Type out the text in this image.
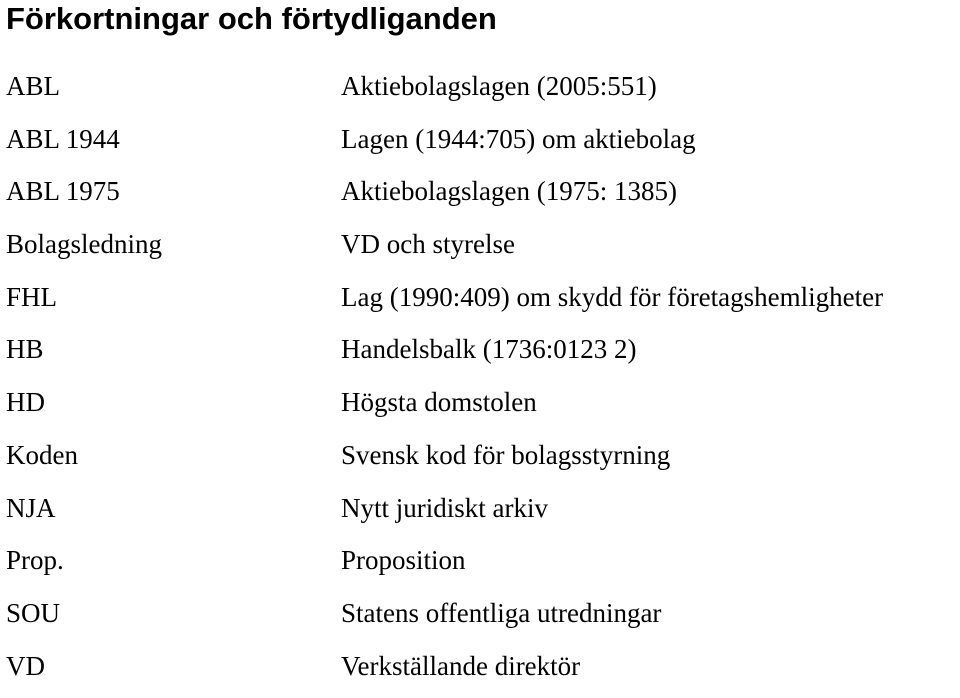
Förkortningar och förtydliganden
ABL	Aktiebolagslagen (2005:551)
ABL 1944	Lagen (1944:705) om aktiebolag
ABL 1975	Aktiebolagslagen (1975: 1385)
Bolagsledning	VD och styrelse
FHL	Lag (1990:409) om skydd för företagshemligheter
HB	Handelsbalk (1736:0123 2)
HD	Högsta domstolen
Koden	Svensk kod för bolagsstyrning
NJA	Nytt juridiskt arkiv
Prop.	Proposition
SOU	Statens offentliga utredningar
VD	Verkställande direktör
